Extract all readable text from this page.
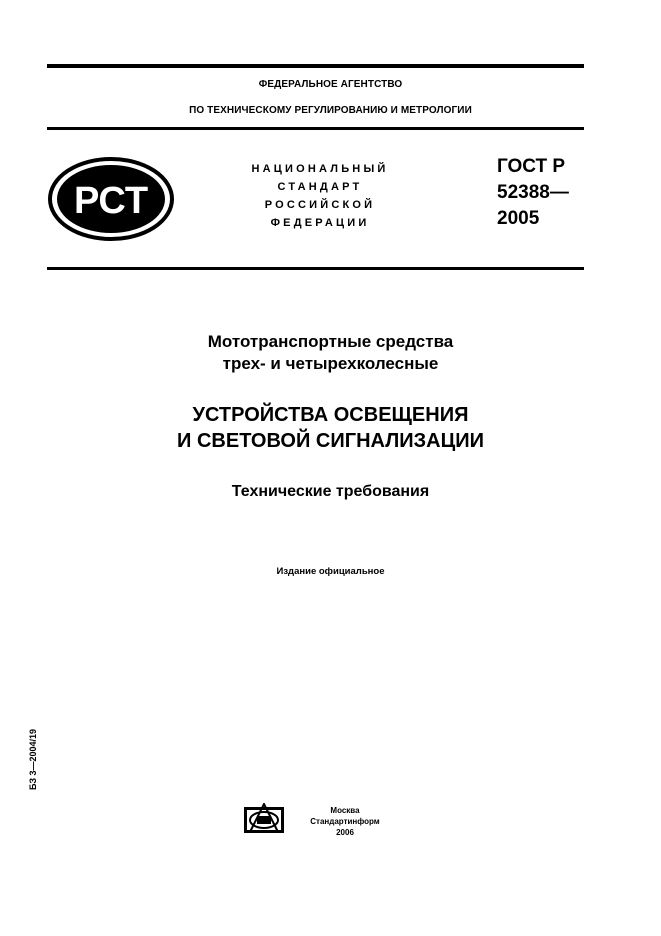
ФЕДЕРАЛЬНОЕ АГЕНТСТВО
ПО ТЕХНИЧЕСКОМУ РЕГУЛИРОВАНИЮ И МЕТРОЛОГИИ
РСТ
НАЦИОНАЛЬНЫЙ
СТАНДАРТ
РОССИЙСКОЙ
ФЕДЕРАЦИИ
ГОСТ Р
52388—
2005
Мототранспортные средства
трех- и четырехколесные
УСТРОЙСТВА ОСВЕЩЕНИЯ
И СВЕТОВОЙ СИГНАЛИЗАЦИИ
Технические требования
Издание официальное
БЗ 3—2004/19
Москва
Стандартинформ
2006
